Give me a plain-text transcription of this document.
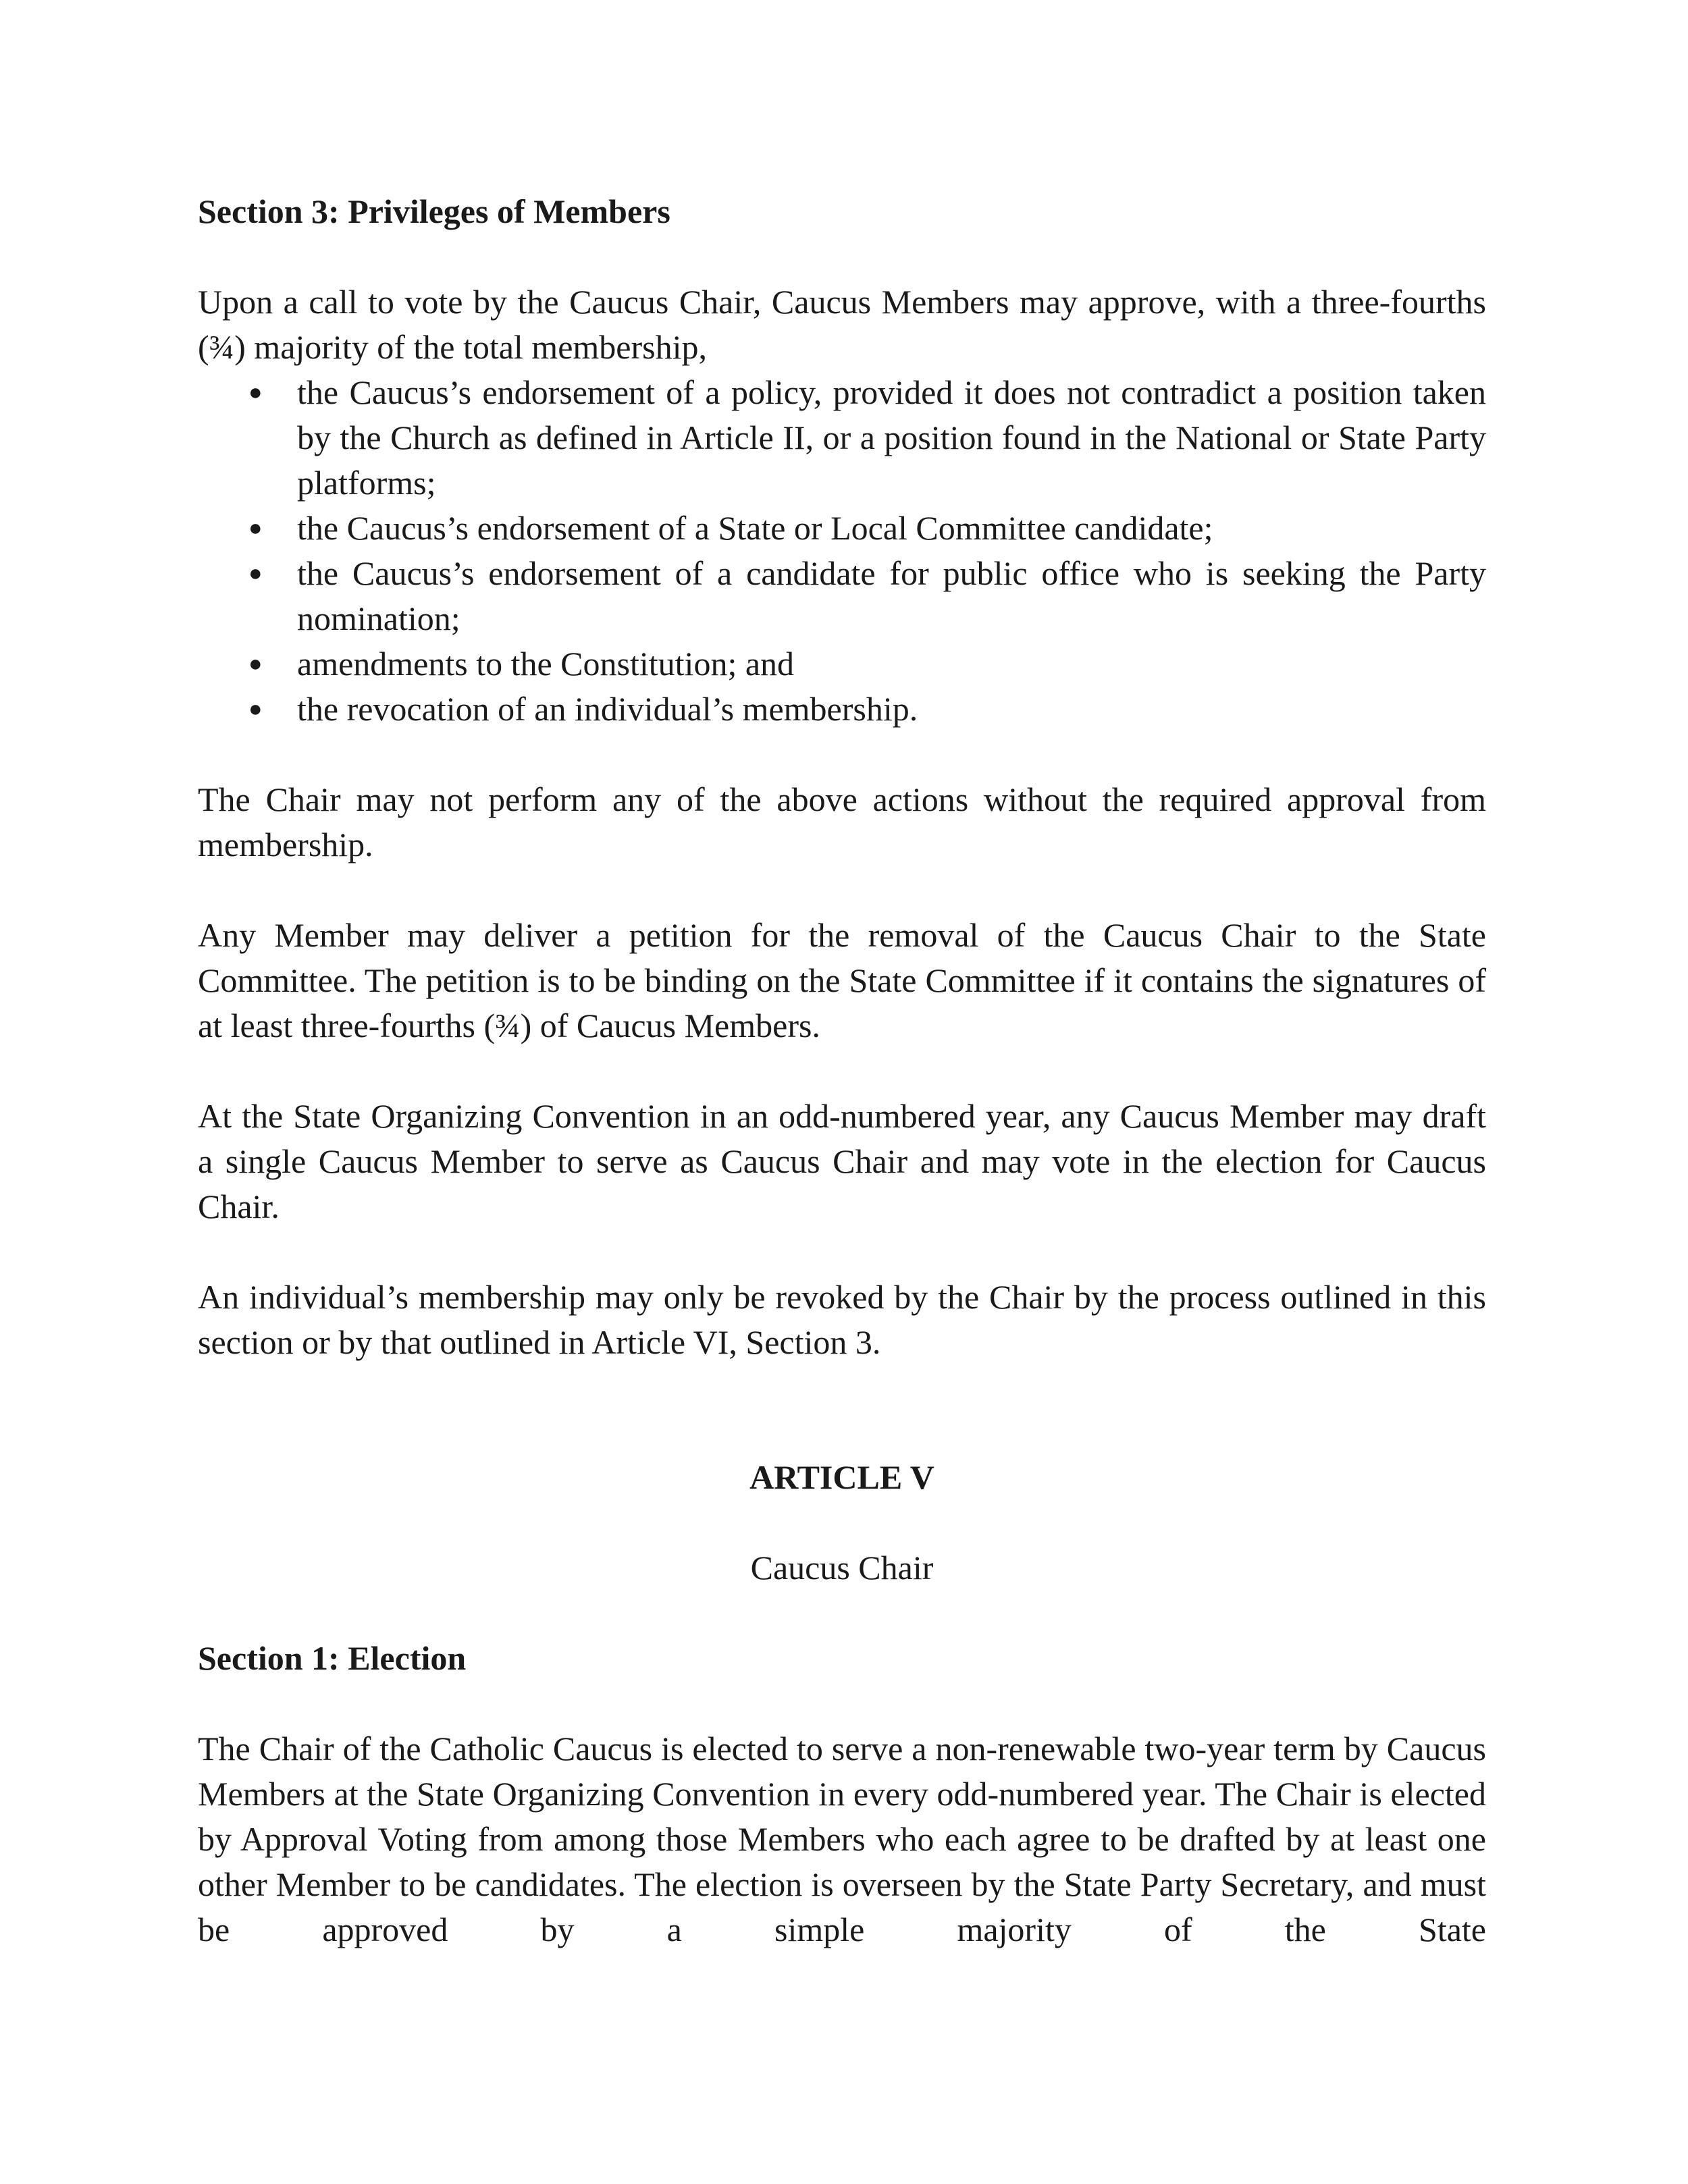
Section 3: Privileges of Members

Upon a call to vote by the Caucus Chair, Caucus Members may approve, with a three-fourths (¾) majority of the total membership,

● the Caucus’s endorsement of a policy, provided it does not contradict a position taken by the Church as defined in Article II, or a position found in the National or State Party platforms;
● the Caucus’s endorsement of a State or Local Committee candidate;
● the Caucus’s endorsement of a candidate for public office who is seeking the Party nomination;
● amendments to the Constitution; and
● the revocation of an individual’s membership.

The Chair may not perform any of the above actions without the required approval from membership.

Any Member may deliver a petition for the removal of the Caucus Chair to the State Committee. The petition is to be binding on the State Committee if it contains the signatures of at least three-fourths (¾) of Caucus Members.

At the State Organizing Convention in an odd-numbered year, any Caucus Member may draft a single Caucus Member to serve as Caucus Chair and may vote in the election for Caucus Chair.

An individual’s membership may only be revoked by the Chair by the process outlined in this section or by that outlined in Article VI, Section 3.

ARTICLE V
Caucus Chair
Section 1: Election

The Chair of the Catholic Caucus is elected to serve a non-renewable two-year term by Caucus Members at the State Organizing Convention in every odd-numbered year. The Chair is elected by Approval Voting from among those Members who each agree to be drafted by at least one other Member to be candidates. The election is overseen by the State Party Secretary, and must be approved by a simple majority of the State
